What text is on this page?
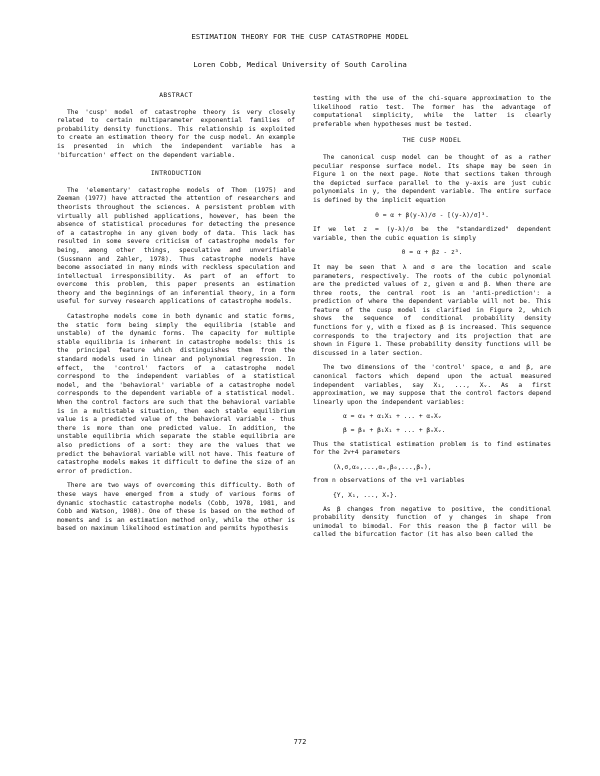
ESTIMATION THEORY FOR THE CUSP CATASTROPHE MODEL
Loren Cobb, Medical University of South Carolina
ABSTRACT

The 'cusp' model of catastrophe theory is very closely related to certain multiparameter exponential families of probability density functions. This relationship is exploited to create an estimation theory for the cusp model. An example is presented in which the independent variable has a 'bifurcation' effect on the dependent variable.

INTRODUCTION

The 'elementary' catastrophe models of Thom (1975) and Zeeman (1977) have attracted the attention of researchers and theorists throughout the sciences. A persistent problem with virtually all published applications, however, has been the absence of statistical procedures for detecting the presence of a catastrophe in any given body of data. This lack has resulted in some severe criticism of catastrophe models for being, among other things, speculative and unverifiable (Sussmann and Zahler, 1978). Thus catastrophe models have become associated in many minds with reckless speculation and intellectual irresponsibility. As part of an effort to overcome this problem, this paper presents an estimation theory and the beginnings of an inferential theory, in a form useful for survey research applications of catastrophe models.

Catastrophe models come in both dynamic and static forms, the static form being simply the equilibria (stable and unstable) of the dynamic forms. The capacity for multiple stable equilibria is inherent in catastrophe models: this is the principal feature which distinguishes them from the standard models used in linear and polynomial regression. In effect, the 'control' factors of a catastrophe model correspond to the independent variables of a statistical model, and the 'behavioral' variable of a catastrophe model corresponds to the dependent variable of a statistical model. When the control factors are such that the behavioral variable is in a multistable situation, then each stable equilibrium value is a predicted value of the behavioral variable - thus there is more than one predicted value. In addition, the unstable equilibria which separate the stable equilibria are also predictions of a sort: they are the values that we predict the behavioral variable will not have. This feature of catastrophe models makes it difficult to define the size of an error of prediction.

There are two ways of overcoming this difficulty. Both of these ways have emerged from a study of various forms of dynamic stochastic catastrophe models (Cobb, 1978, 1981, and Cobb and Watson, 1980). One of these is based on the method of moments and is an estimation method only, while the other is based on maximum likelihood estimation and permits hypothesis

testing with the use of the chi-square approximation to the likelihood ratio test. The former has the advantage of computational simplicity, while the latter is clearly preferable when hypotheses must be tested.

THE CUSP MODEL

The canonical cusp model can be thought of as a rather peculiar response surface model. Its shape may be seen in Figure 1 on the next page. Note that sections taken through the depicted surface parallel to the y-axis are just cubic polynomials in y, the dependent variable. The entire surface is defined by the implicit equation

0 = α + β(y-λ)/σ - [(y-λ)/σ]³.

If we let z = (y-λ)/σ be the "standardized" dependent variable, then the cubic equation is simply

0 = α + βz - z³.

It may be seen that λ and σ are the location and scale parameters, respectively. The roots of the cubic polynomial are the predicted values of z, given α and β. When there are three roots, the central root is an 'anti-prediction': a prediction of where the dependent variable will not be. This feature of the cusp model is clarified in Figure 2, which shows the sequence of conditional probability density functions for y, with α fixed as β is increased. This sequence corresponds to the trajectory and its projection that are shown in Figure 1. These probability density functions will be discussed in a later section.

The two dimensions of the 'control' space, α and β, are canonical factors which depend upon the actual measured independent variables, say X₁, ..., Xᵥ. As a first approximation, we may suppose that the control factors depend linearly upon the independent variables:

α = α₀ + α₁X₁ + ... + αᵥXᵥ
β = β₀ + β₁X₁ + ... + βᵥXᵥ.

Thus the statistical estimation problem is to find estimates for the 2v+4 parameters

(λ,σ,α₀,...,αᵥ,β₀,...,βᵥ),

from n observations of the v+1 variables

{Y, X₁, ..., Xᵥ}.

As β changes from negative to positive, the conditional probability density function of y changes in shape from unimodal to bimodal. For this reason the β factor will be called the bifurcation factor (it has also been called the

772
